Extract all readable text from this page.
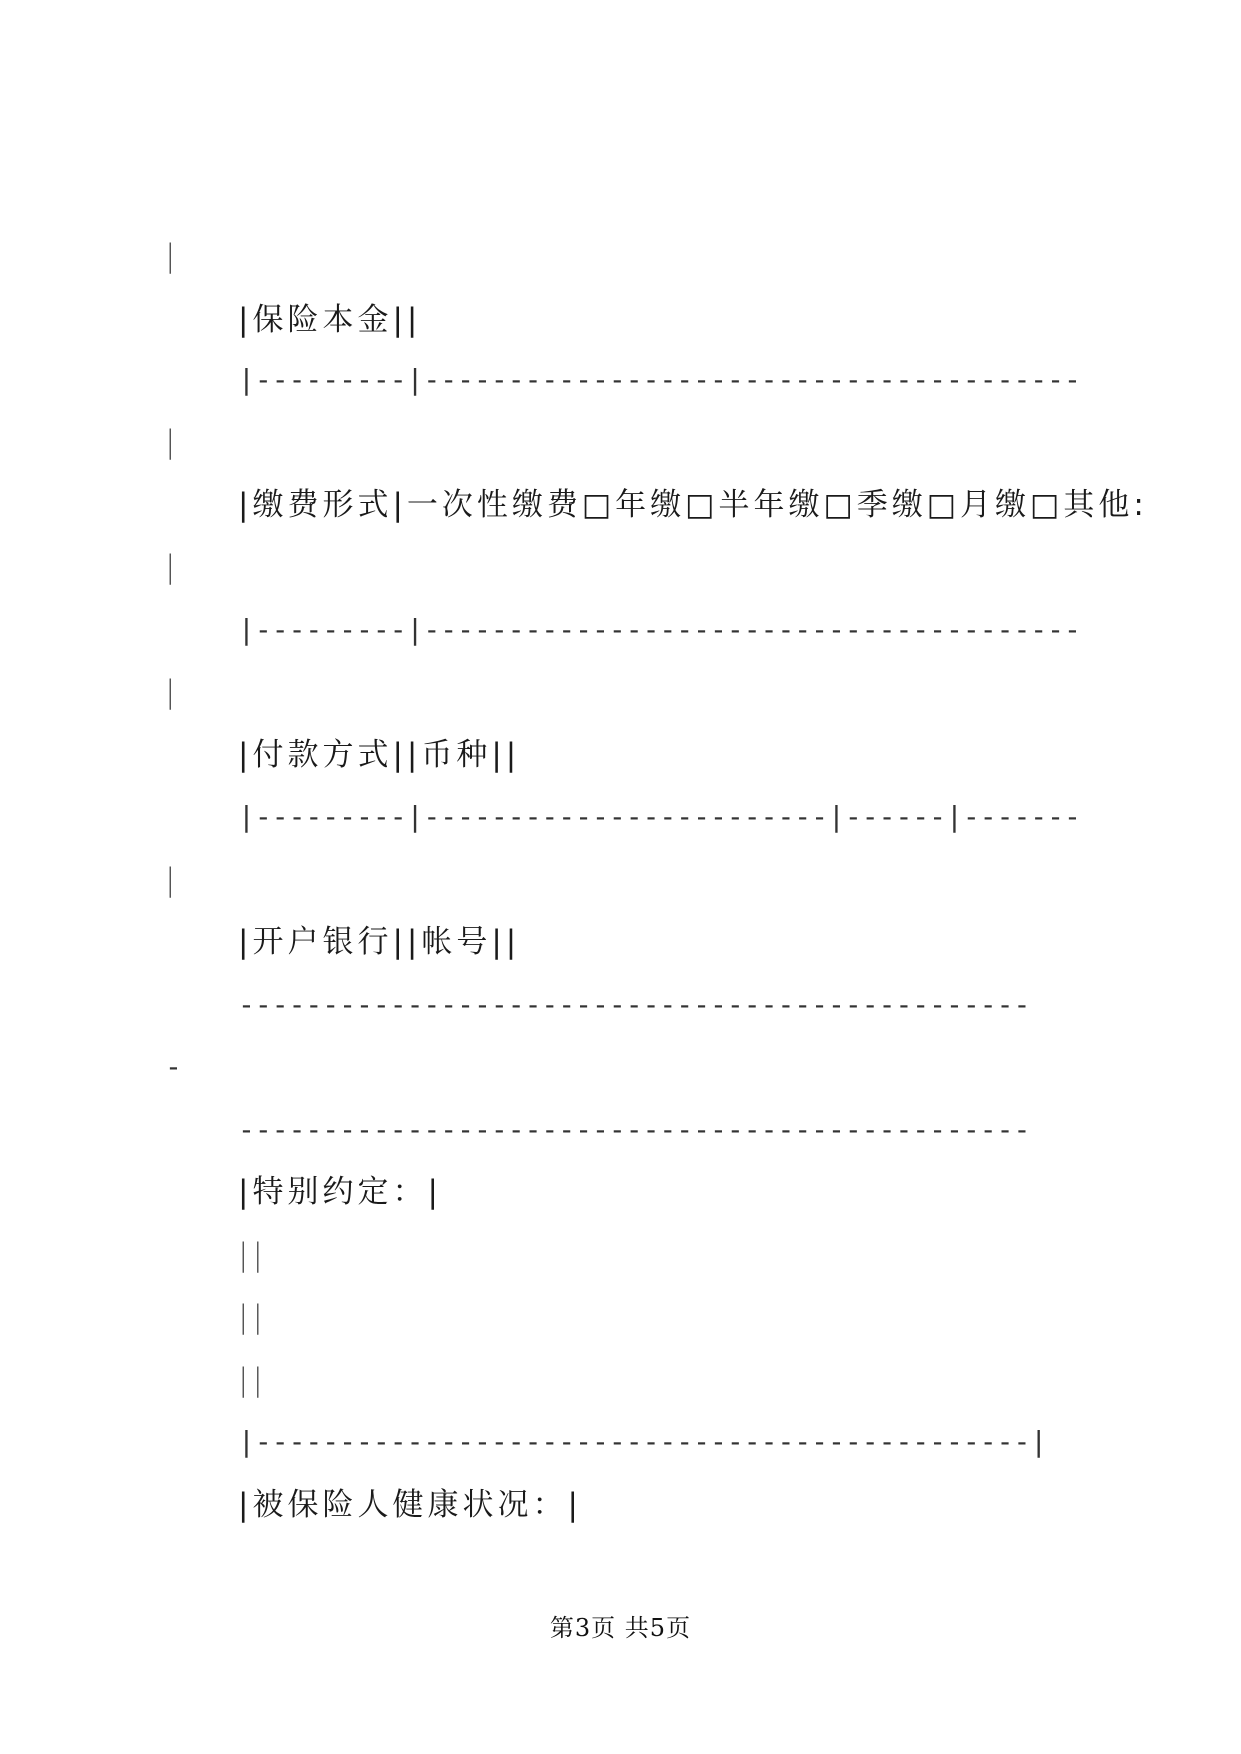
|
|保险本金||
|---------|---------------------------------------
|
|缴费形式|一次性缴费□年缴□半年缴□季缴□月缴□其他:
|
|---------|---------------------------------------
|
|付款方式||币种||
|---------|------------------------|------|-------
|
|开户银行||帐号||
-----------------------------------------------
-
-----------------------------------------------
|特别约定：|
||
||
||
|----------------------------------------------|
|被保险人健康状况：|
第3页 共5页
